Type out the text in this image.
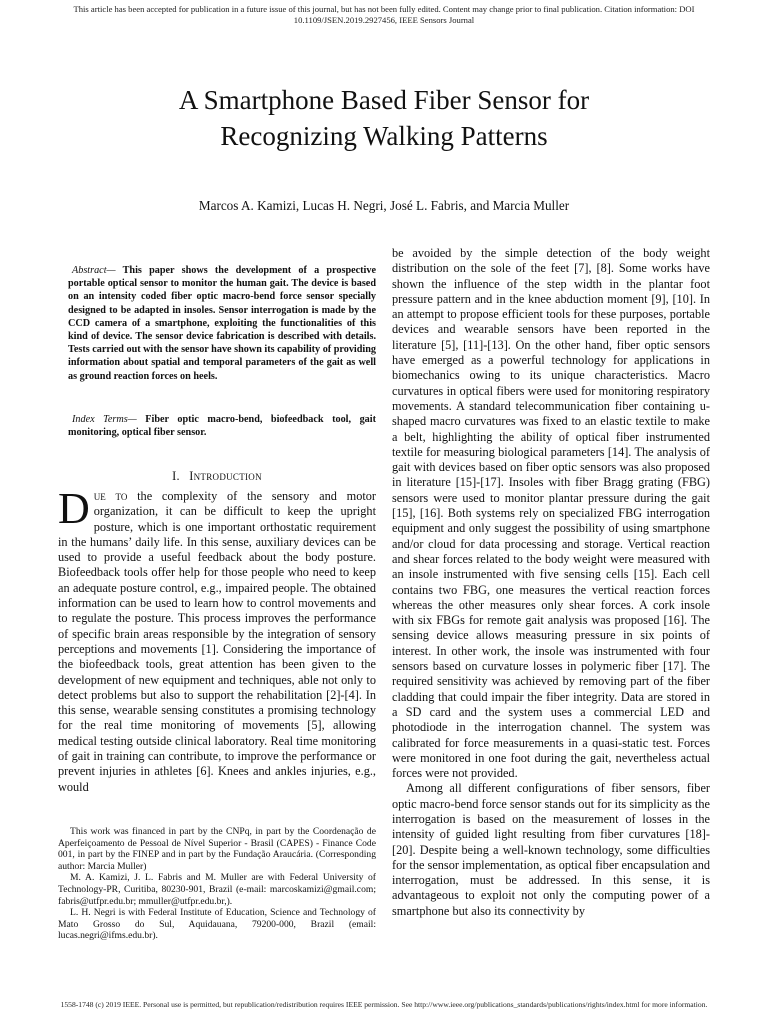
This article has been accepted for publication in a future issue of this journal, but has not been fully edited. Content may change prior to final publication. Citation information: DOI 10.1109/JSEN.2019.2927456, IEEE Sensors Journal
A Smartphone Based Fiber Sensor for
Recognizing Walking Patterns
Marcos A. Kamizi, Lucas H. Negri, José L. Fabris, and Marcia Muller
Abstract— This paper shows the development of a prospective portable optical sensor to monitor the human gait. The device is based on an intensity coded fiber optic macro-bend force sensor specially designed to be adapted in insoles. Sensor interrogation is made by the CCD camera of a smartphone, exploiting the functionalities of this kind of device. The sensor device fabrication is described with details. Tests carried out with the sensor have shown its capability of providing information about spatial and temporal parameters of the gait as well as ground reaction forces on heels.
Index Terms— Fiber optic macro-bend, biofeedback tool, gait monitoring, optical fiber sensor.
I. Introduction

Due to the complexity of the sensory and motor organization, it can be difficult to keep the upright posture, which is one important orthostatic requirement in the humans’ daily life. In this sense, auxiliary devices can be used to provide a useful feedback about the body posture. Biofeedback tools offer help for those people who need to keep an adequate posture control, e.g., impaired people. The obtained information can be used to learn how to control movements and to regulate the posture. This process improves the performance of specific brain areas responsible by the integration of sensory perceptions and movements [1]. Considering the importance of the biofeedback tools, great attention has been given to the development of new equipment and techniques, able not only to detect problems but also to support the rehabilitation [2]-[4]. In this sense, wearable sensing constitutes a promising technology for the real time monitoring of movements [5], allowing medical testing outside clinical laboratory. Real time monitoring of gait in training can contribute, to improve the performance or prevent injuries in athletes [6]. Knees and ankles injuries, e.g., would

This work was financed in part by the CNPq, in part by the Coordenação de Aperfeiçoamento de Pessoal de Nível Superior - Brasil (CAPES) - Finance Code 001, in part by the FINEP and in part by the Fundação Araucária. (Corresponding author: Marcia Muller)

M. A. Kamizi, J. L. Fabris and M. Muller are with Federal University of Technology-PR, Curitiba, 80230-901, Brazil (e-mail: marcoskamizi@gmail.com; fabris@utfpr.edu.br; mmuller@utfpr.edu.br,).

L. H. Negri is with Federal Institute of Education, Science and Technology of Mato Grosso do Sul, Aquidauana, 79200-000, Brazil (email: lucas.negri@ifms.edu.br).

be avoided by the simple detection of the body weight distribution on the sole of the feet [7], [8]. Some works have shown the influence of the step width in the plantar foot pressure pattern and in the knee abduction moment [9], [10]. In an attempt to propose efficient tools for these purposes, portable devices and wearable sensors have been reported in the literature [5], [11]-[13]. On the other hand, fiber optic sensors have emerged as a powerful technology for applications in biomechanics owing to its unique characteristics. Macro curvatures in optical fibers were used for monitoring respiratory movements. A standard telecommunication fiber containing u-shaped macro curvatures was fixed to an elastic textile to make a belt, highlighting the ability of optical fiber instrumented textile for measuring biological parameters [14]. The analysis of gait with devices based on fiber optic sensors was also proposed in literature [15]-[17]. Insoles with fiber Bragg grating (FBG) sensors were used to monitor plantar pressure during the gait [15], [16]. Both systems rely on specialized FBG interrogation equipment and only suggest the possibility of using smartphone and/or cloud for data processing and storage. Vertical reaction and shear forces related to the body weight were measured with an insole instrumented with five sensing cells [15]. Each cell contains two FBG, one measures the vertical reaction forces whereas the other measures only shear forces. A cork insole with six FBGs for remote gait analysis was proposed [16]. The sensing device allows measuring pressure in six points of interest. In other work, the insole was instrumented with four sensors based on curvature losses in polymeric fiber [17]. The required sensitivity was achieved by removing part of the fiber cladding that could impair the fiber integrity. Data are stored in a SD card and the system uses a commercial LED and photodiode in the interrogation channel. The system was calibrated for force measurements in a quasi-static test. Forces were monitored in one foot during the gait, nevertheless actual forces were not provided.

Among all different configurations of fiber sensors, fiber optic macro-bend force sensor stands out for its simplicity as the interrogation is based on the measurement of losses in the intensity of guided light resulting from fiber curvatures [18]-[20]. Despite being a well-known technology, some difficulties for the sensor implementation, as optical fiber encapsulation and interrogation, must be addressed. In this sense, it is advantageous to exploit not only the computing power of a smartphone but also its connectivity by

1558-1748 (c) 2019 IEEE. Personal use is permitted, but republication/redistribution requires IEEE permission. See http://www.ieee.org/publications_standards/publications/rights/index.html for more information.
